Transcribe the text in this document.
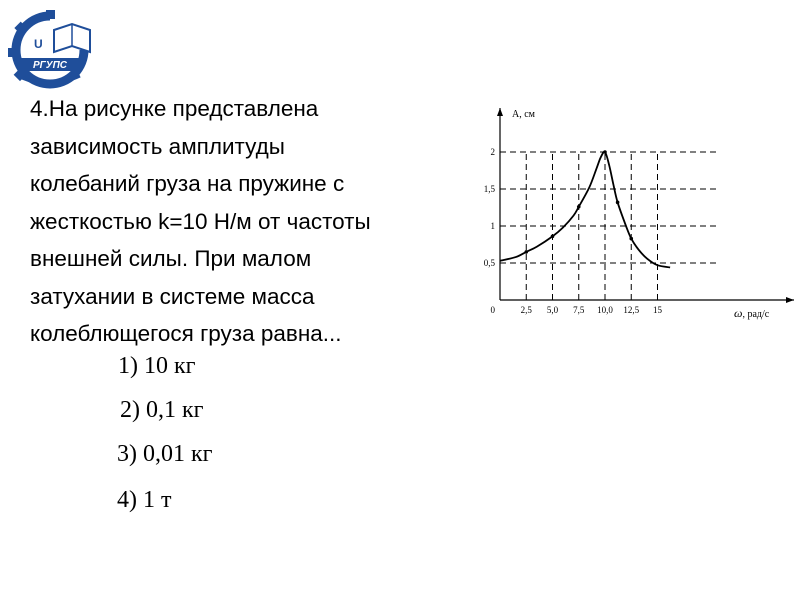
U
РГУПС
4.На рисунке представлена
зависимость амплитуды
колебаний груза на пружине с
жесткостью k=10 Н/м от частоты
внешней силы. При малом
затухании в системе масса
колеблющегося груза равна...
1) 10 кг
2) 0,1 кг
3) 0,01 кг
4) 1 т
0,5
1
1,5
2
2,5 5,0 7,5 10,0 12,5 15
0
A, см
ω, рад/с
